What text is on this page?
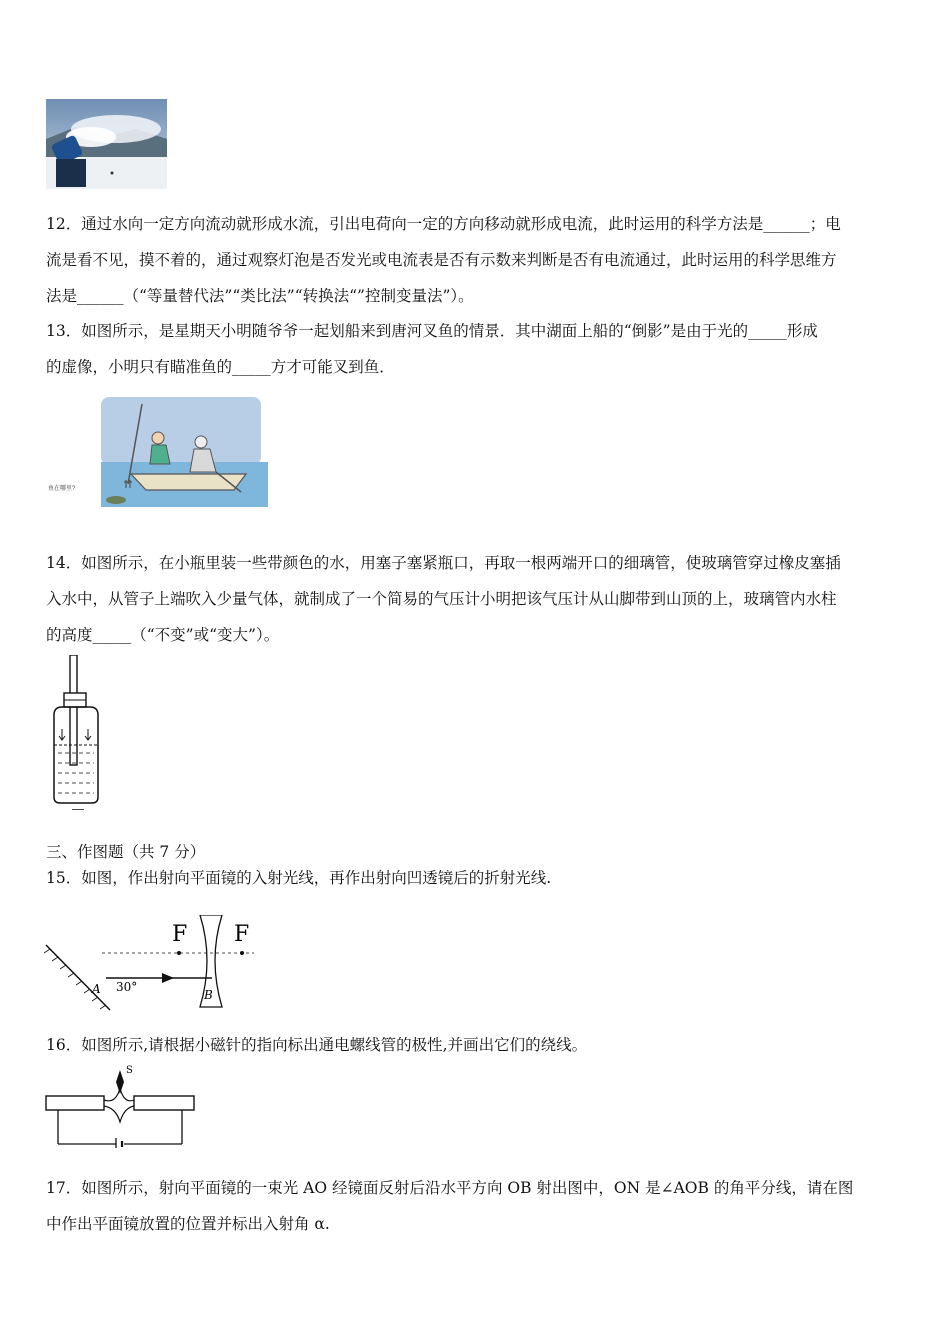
12．通过水向一定方向流动就形成水流，引出电荷向一定的方向移动就形成电流，此时运用的科学方法是______；电
流是看不见，摸不着的，通过观察灯泡是否发光或电流表是否有示数来判断是否有电流通过，此时运用的科学思维方
法是______（“等量替代法”“类比法”“转换法“”控制变量法”）。
13．如图所示，是星期天小明随爷爷一起划船来到唐河叉鱼的情景．其中湖面上船的“倒影”是由于光的_____形成
的虚像，小明只有瞄准鱼的_____方才可能叉到鱼．
鱼在哪里?
14．如图所示，在小瓶里装一些带颜色的水，用塞子塞紧瓶口，再取一根两端开口的细璃管，使玻璃管穿过橡皮塞插
入水中，从管子上端吹入少量气体，就制成了一个简易的气压计小明把该气压计从山脚带到山顶的上，玻璃管内水柱
的高度_____（“不变”或“变大”）。
三、作图题（共 7 分）
15．如图，作出射向平面镜的入射光线，再作出射向凹透镜后的折射光线.
F F
A 30°
B
16．如图所示,请根据小磁针的指向标出通电螺线管的极性,并画出它们的绕线。
S
17．如图所示，射向平面镜的一束光 AO 经镜面反射后沿水平方向 OB 射出图中，ON 是∠AOB 的角平分线，请在图
中作出平面镜放置的位置并标出入射角 α.
